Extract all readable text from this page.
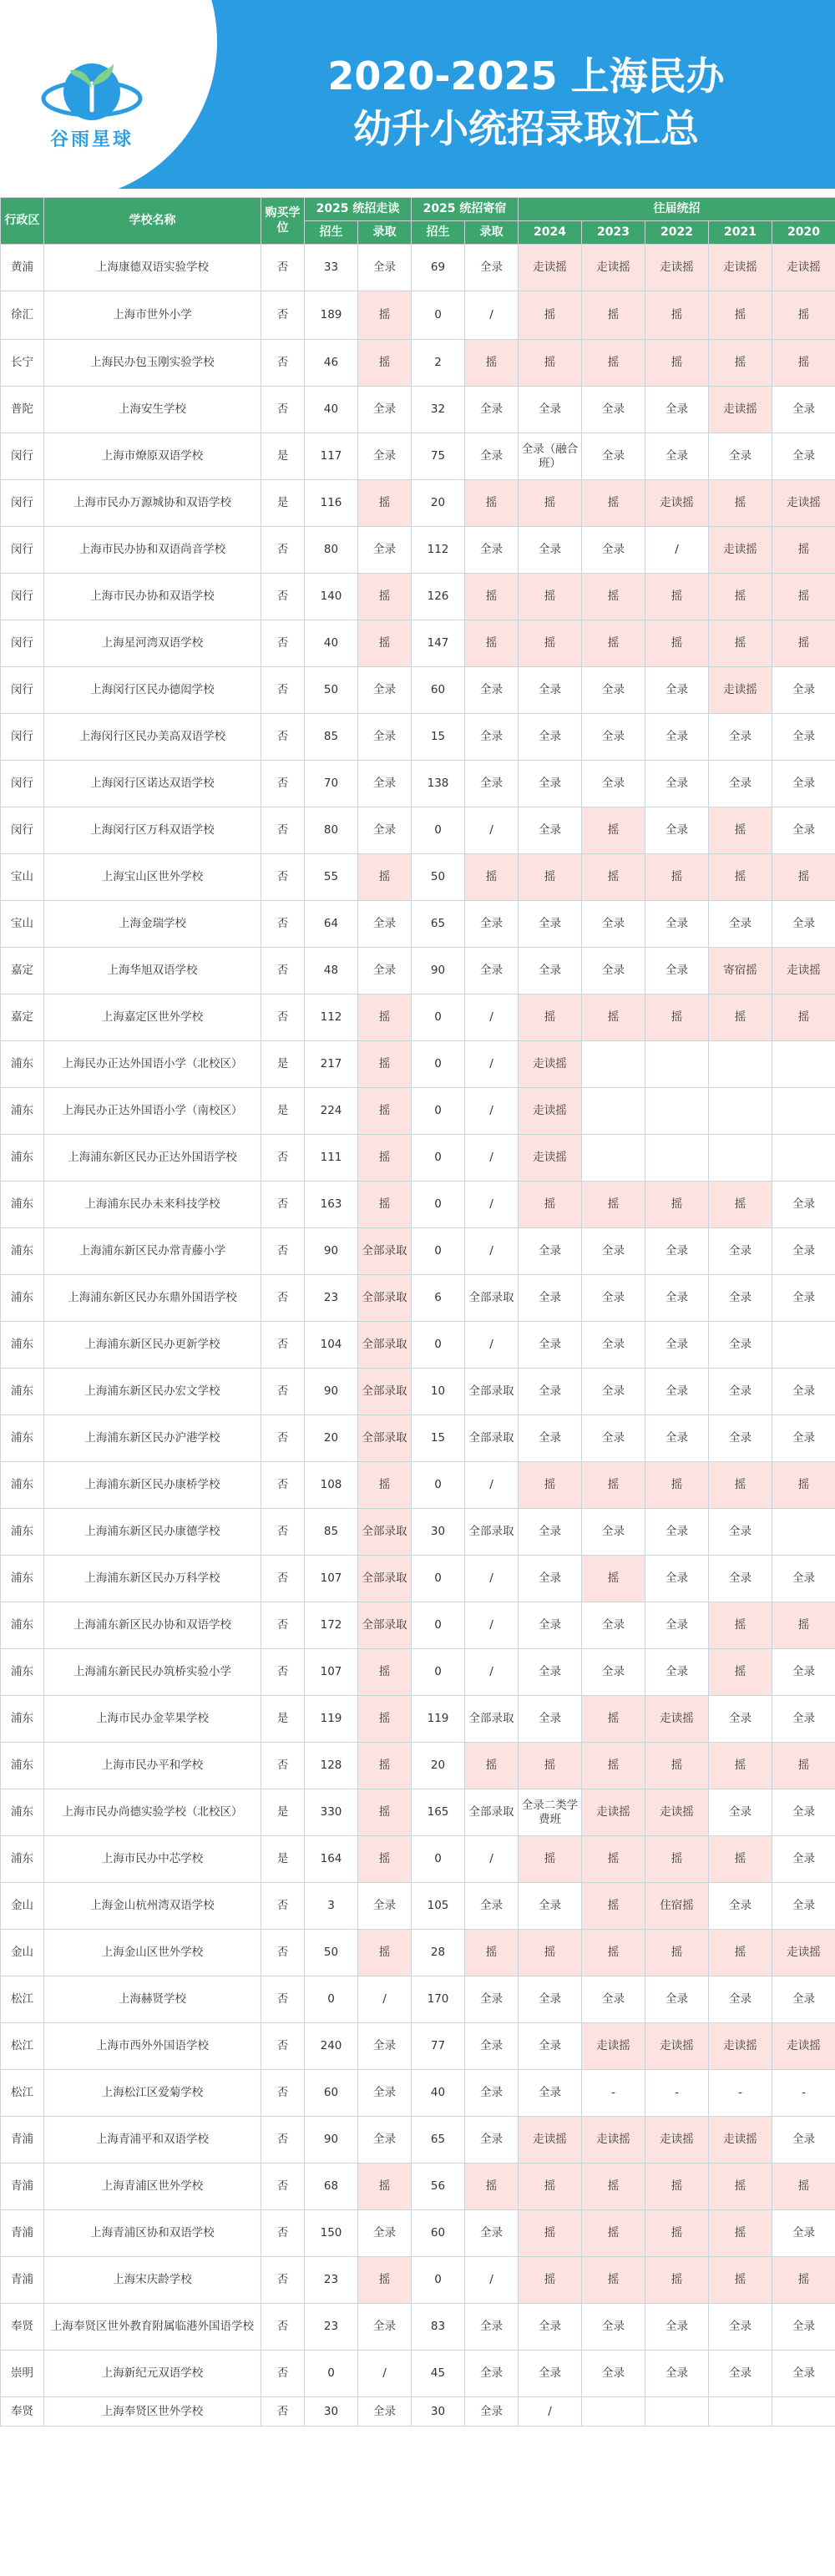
谷雨星球
2020-2025 上海民办
幼升小统招录取汇总
行政区	学校名称	购买学位	2025 统招走读		2025 统招寄宿		往届统招				
			招生	录取	招生	录取	2024	2023	2022	2021	2020
黄浦	上海康德双语实验学校	否	33	全录	69	全录	走读摇	走读摇	走读摇	走读摇	走读摇
徐汇	上海市世外小学	否	189	摇	0	/	摇	摇	摇	摇	摇
长宁	上海民办包玉刚实验学校	否	46	摇	2	摇	摇	摇	摇	摇	摇
普陀	上海安生学校	否	40	全录	32	全录	全录	全录	全录	走读摇	全录
闵行	上海市燎原双语学校	是	117	全录	75	全录	全录（融合班）	全录	全录	全录	全录
闵行	上海市民办万源城协和双语学校	是	116	摇	20	摇	摇	摇	走读摇	摇	走读摇
闵行	上海市民办协和双语尚音学校	否	80	全录	112	全录	全录	全录	/	走读摇	摇
闵行	上海市民办协和双语学校	否	140	摇	126	摇	摇	摇	摇	摇	摇
闵行	上海星河湾双语学校	否	40	摇	147	摇	摇	摇	摇	摇	摇
闵行	上海闵行区民办德闳学校	否	50	全录	60	全录	全录	全录	全录	走读摇	全录
闵行	上海闵行区民办美高双语学校	否	85	全录	15	全录	全录	全录	全录	全录	全录
闵行	上海闵行区诺达双语学校	否	70	全录	138	全录	全录	全录	全录	全录	全录
闵行	上海闵行区万科双语学校	否	80	全录	0	/	全录	摇	全录	摇	全录
宝山	上海宝山区世外学校	否	55	摇	50	摇	摇	摇	摇	摇	摇
宝山	上海金瑞学校	否	64	全录	65	全录	全录	全录	全录	全录	全录
嘉定	上海华旭双语学校	否	48	全录	90	全录	全录	全录	全录	寄宿摇	走读摇
嘉定	上海嘉定区世外学校	否	112	摇	0	/	摇	摇	摇	摇	摇
浦东	上海民办正达外国语小学（北校区）	是	217	摇	0	/	走读摇				
浦东	上海民办正达外国语小学（南校区）	是	224	摇	0	/	走读摇				
浦东	上海浦东新区民办正达外国语学校	否	111	摇	0	/	走读摇				
浦东	上海浦东民办未来科技学校	否	163	摇	0	/	摇	摇	摇	摇	全录
浦东	上海浦东新区民办常青藤小学	否	90	全部录取	0	/	全录	全录	全录	全录	全录
浦东	上海浦东新区民办东鼎外国语学校	否	23	全部录取	6	全部录取	全录	全录	全录	全录	全录
浦东	上海浦东新区民办更新学校	否	104	全部录取	0	/	全录	全录	全录	全录	
浦东	上海浦东新区民办宏文学校	否	90	全部录取	10	全部录取	全录	全录	全录	全录	全录
浦东	上海浦东新区民办沪港学校	否	20	全部录取	15	全部录取	全录	全录	全录	全录	全录
浦东	上海浦东新区民办康桥学校	否	108	摇	0	/	摇	摇	摇	摇	摇
浦东	上海浦东新区民办康德学校	否	85	全部录取	30	全部录取	全录	全录	全录	全录	
浦东	上海浦东新区民办万科学校	否	107	全部录取	0	/	全录	摇	全录	全录	全录
浦东	上海浦东新区民办协和双语学校	否	172	全部录取	0	/	全录	全录	全录	摇	摇
浦东	上海浦东新民民办筑桥实验小学	否	107	摇	0	/	全录	全录	全录	摇	全录
浦东	上海市民办金苹果学校	是	119	摇	119	全部录取	全录	摇	走读摇	全录	全录
浦东	上海市民办平和学校	否	128	摇	20	摇	摇	摇	摇	摇	摇
浦东	上海市民办尚德实验学校（北校区）	是	330	摇	165	全部录取	全录二类学费班	走读摇	走读摇	全录	全录
浦东	上海市民办中芯学校	是	164	摇	0	/	摇	摇	摇	摇	全录
金山	上海金山杭州湾双语学校	否	3	全录	105	全录	全录	摇	住宿摇	全录	全录
金山	上海金山区世外学校	否	50	摇	28	摇	摇	摇	摇	摇	走读摇
松江	上海赫贤学校	否	0	/	170	全录	全录	全录	全录	全录	全录
松江	上海市西外外国语学校	否	240	全录	77	全录	全录	走读摇	走读摇	走读摇	走读摇
松江	上海松江区爱菊学校	否	60	全录	40	全录	全录	-	-	-	-
青浦	上海青浦平和双语学校	否	90	全录	65	全录	走读摇	走读摇	走读摇	走读摇	全录
青浦	上海青浦区世外学校	否	68	摇	56	摇	摇	摇	摇	摇	摇
青浦	上海青浦区协和双语学校	否	150	全录	60	全录	摇	摇	摇	摇	全录
青浦	上海宋庆龄学校	否	23	摇	0	/	摇	摇	摇	摇	摇
奉贤	上海奉贤区世外教育附属临港外国语学校	否	23	全录	83	全录	全录	全录	全录	全录	全录
崇明	上海新纪元双语学校	否	0	/	45	全录	全录	全录	全录	全录	全录
奉贤	上海奉贤区世外学校	否	30	全录	30	全录	/				
